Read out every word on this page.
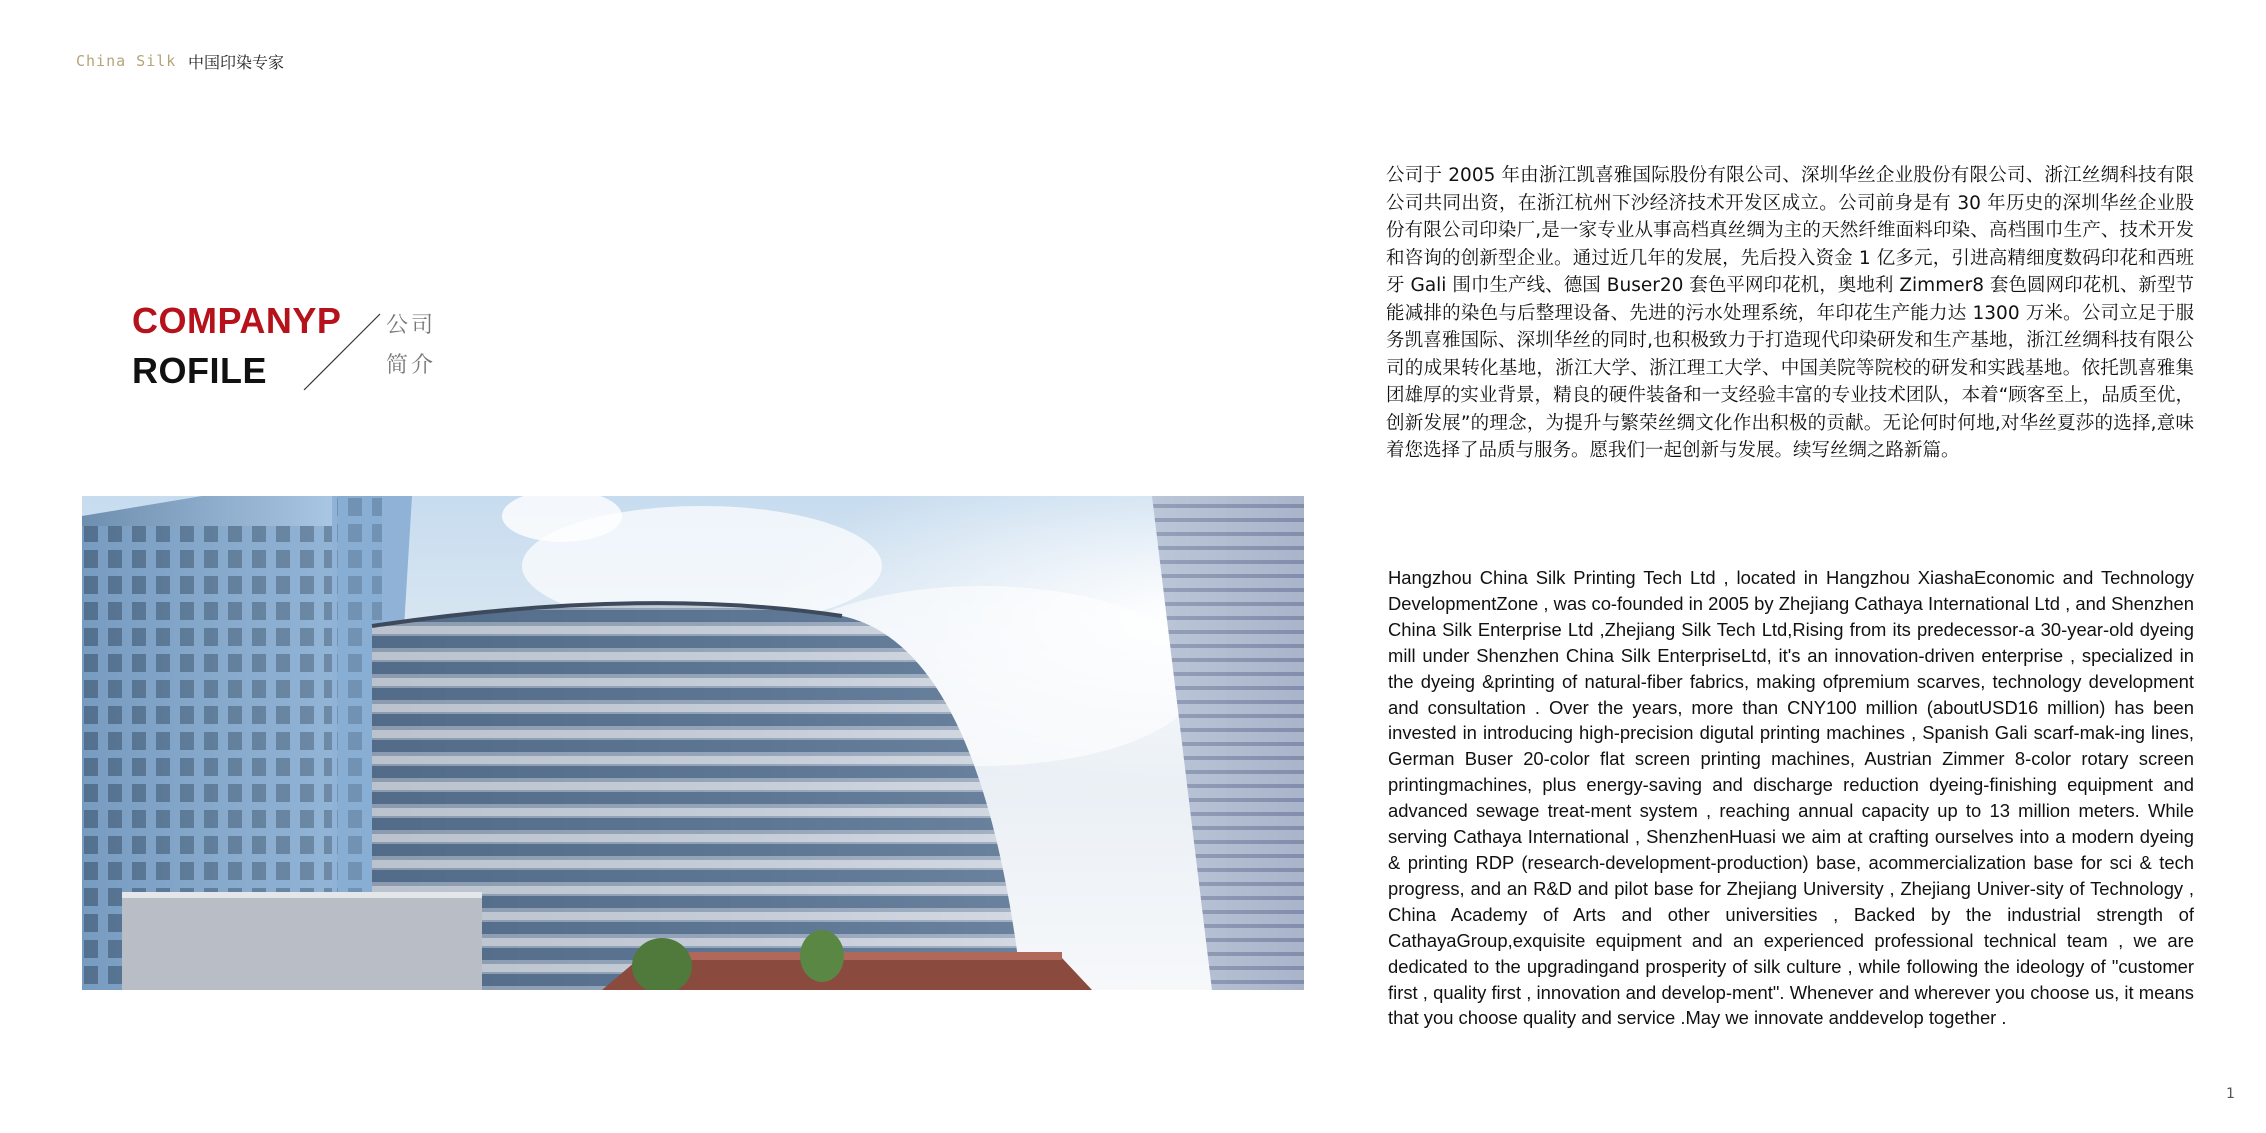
China Silk 中国印染专家
COMPANYP
ROFILE
公司
简介
公司于 2005 年由浙江凯喜雅国际股份有限公司、深圳华丝企业股份有限公司、浙江丝绸科技有限公司共同出资，在浙江杭州下沙经济技术开发区成立。公司前身是有 30 年历史的深圳华丝企业股份有限公司印染厂,是一家专业从事高档真丝绸为主的天然纤维面料印染、高档围巾生产、技术开发和咨询的创新型企业。通过近几年的发展，先后投入资金 1 亿多元，引进高精细度数码印花和西班牙 Gali 围巾生产线、德国 Buser20 套色平网印花机，奥地利 Zimmer8 套色圆网印花机、新型节能减排的染色与后整理设备、先进的污水处理系统，年印花生产能力达 1300 万米。公司立足于服务凯喜雅国际、深圳华丝的同时,也积极致力于打造现代印染研发和生产基地，浙江丝绸科技有限公司的成果转化基地，浙江大学、浙江理工大学、中国美院等院校的研发和实践基地。依托凯喜雅集团雄厚的实业背景，精良的硬件装备和一支经验丰富的专业技术团队，本着“顾客至上，品质至优，创新发展”的理念，为提升与繁荣丝绸文化作出积极的贡献。无论何时何地,对华丝夏莎的选择,意味着您选择了品质与服务。愿我们一起创新与发展。续写丝绸之路新篇。
Hangzhou China Silk Printing Tech Ltd , located in Hangzhou XiashaEconomic and Technology DevelopmentZone , was co-founded in 2005 by Zhejiang Cathaya International Ltd , and Shenzhen China Silk Enterprise Ltd ,Zhejiang Silk Tech Ltd,Rising from its predecessor-a 30-year-old dyeing mill under Shenzhen China Silk EnterpriseLtd, it's an innovation-driven enterprise , specialized in the dyeing &printing of natural-fiber fabrics, making ofpremium scarves, technology development and consultation . Over the years, more than CNY100 million (aboutUSD16 million) has been invested in introducing high-precision digutal printing machines , Spanish Gali scarf-mak-ing lines, German Buser 20-color flat screen printing machines, Austrian Zimmer 8-color rotary screen printingmachines, plus energy-saving and discharge reduction dyeing-finishing equipment and advanced sewage treat-ment system , reaching annual capacity up to 13 million meters. While serving Cathaya International , ShenzhenHuasi we aim at crafting ourselves into a modern dyeing & printing RDP (research-development-production) base, acommercialization base for sci & tech progress, and an R&D and pilot base for Zhejiang University , Zhejiang Univer-sity of Technology , China Academy of Arts and other universities , Backed by the industrial strength of CathayaGroup,exquisite equipment and an experienced professional technical team , we are dedicated to the upgradingand prosperity of silk culture , while following the ideology of "customer first , quality first , innovation and develop-ment". Whenever and wherever you choose us, it means that you choose quality and service .May we innovate anddevelop together .
1
